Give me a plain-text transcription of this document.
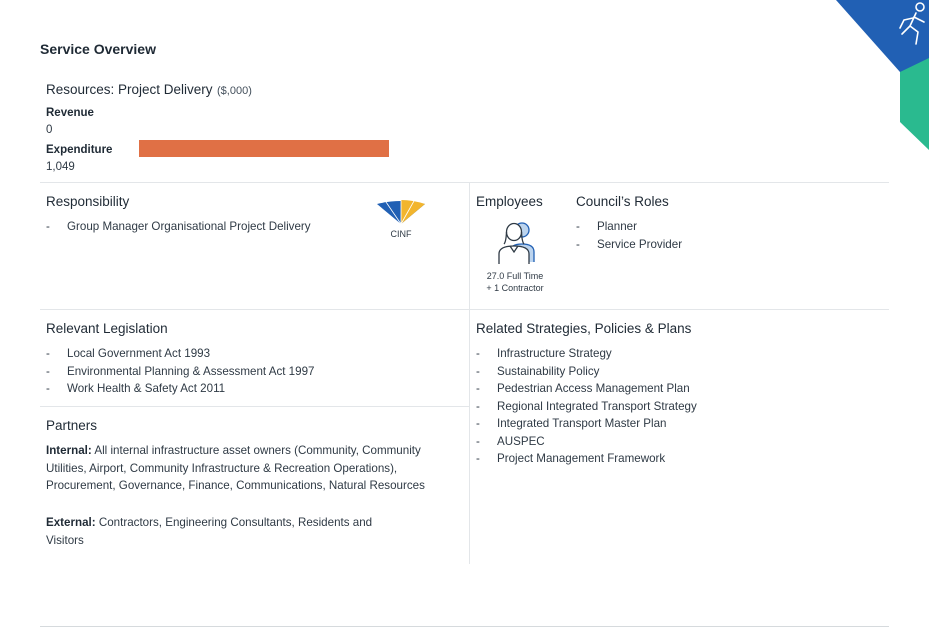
Service Overview
Resources: Project Delivery ($,000)
Revenue
0
Expenditure
1,049
Responsibility
- Group Manager Organisational Project Delivery
CINF
Employees
27.0 Full Time
+ 1 Contractor
Council’s Roles
- Planner
- Service Provider
Relevant Legislation
- Local Government Act 1993
- Environmental Planning & Assessment Act 1997
- Work Health & Safety Act 2011
Related Strategies, Policies & Plans
- Infrastructure Strategy
- Sustainability Policy
- Pedestrian Access Management Plan
- Regional Integrated Transport Strategy
- Integrated Transport Master Plan
- AUSPEC
- Project Management Framework
Partners
Internal: All internal infrastructure asset owners (Community, Community Utilities, Airport, Community Infrastructure & Recreation Operations), Procurement, Governance, Finance, Communications, Natural Resources
External: Contractors, Engineering Consultants, Residents and Visitors
